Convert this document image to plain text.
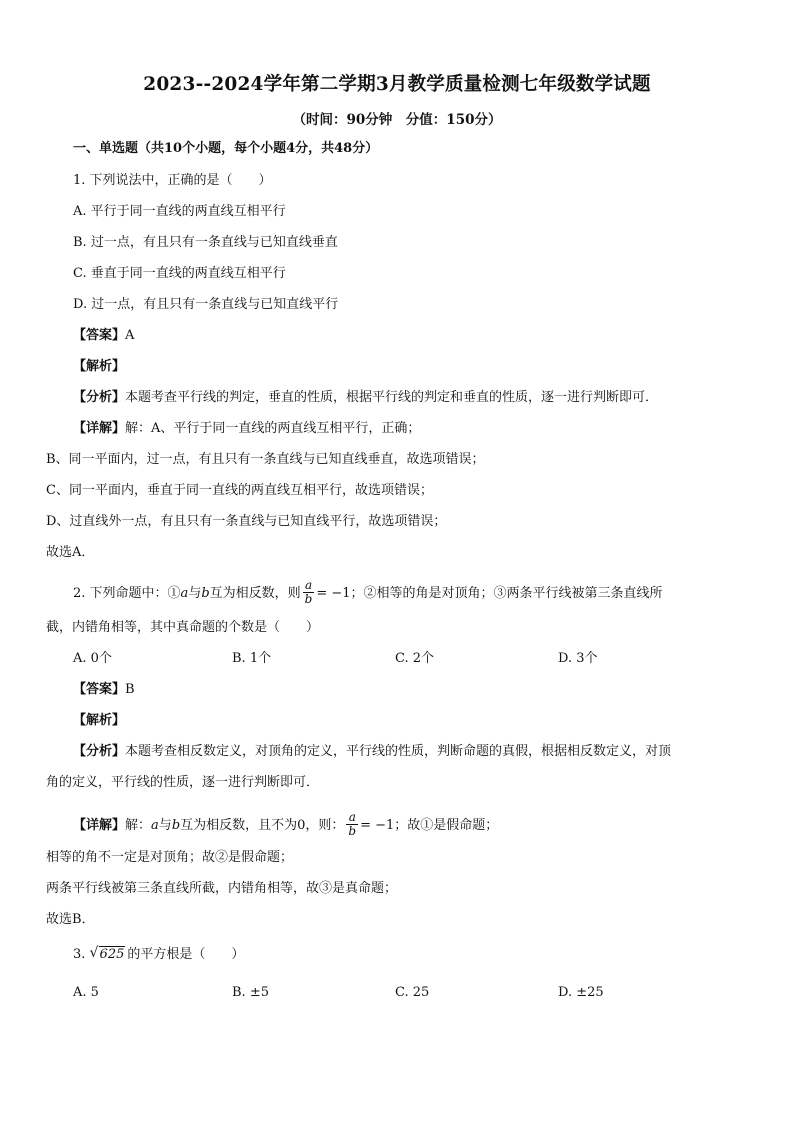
2023--2024学年第二学期3月教学质量检测七年级数学试题
（时间：90分钟　分值：150分）
一、单选题（共10个小题，每个小题4分，共48分）
1. 下列说法中，正确的是（　　）
A. 平行于同一直线的两直线互相平行
B. 过一点，有且只有一条直线与已知直线垂直
C. 垂直于同一直线的两直线互相平行
D. 过一点，有且只有一条直线与已知直线平行
【答案】A
【解析】
【分析】本题考查平行线的判定，垂直的性质，根据平行线的判定和垂直的性质，逐一进行判断即可．
【详解】解：A、平行于同一直线的两直线互相平行，正确；
B、同一平面内，过一点，有且只有一条直线与已知直线垂直，故选项错误；
C、同一平面内，垂直于同一直线的两直线互相平行，故选项错误；
D、过直线外一点，有且只有一条直线与已知直线平行，故选项错误；
故选A．
2. 下列命题中：①a与b互为相反数，则 $\frac{a}{b} = -1$；②相等的角是对顶角；③两条平行线被第三条直线所
截，内错角相等，其中真命题的个数是（　　）
A. 0个	B. 1个	C. 2个	D. 3个
【答案】B
【解析】
【分析】本题考查相反数定义，对顶角的定义，平行线的性质，判断命题的真假，根据相反数定义，对顶
角的定义，平行线的性质，逐一进行判断即可．
【详解】解：a与b互为相反数，且不为0，则： $\frac{a}{b} = -1$；故①是假命题；
相等的角不一定是对顶角；故②是假命题；
两条平行线被第三条直线所截，内错角相等，故③是真命题；
故选B．
3. √ 625 的平方根是（　　）
A. 5	B. ±5	C. 25	D. ±25
